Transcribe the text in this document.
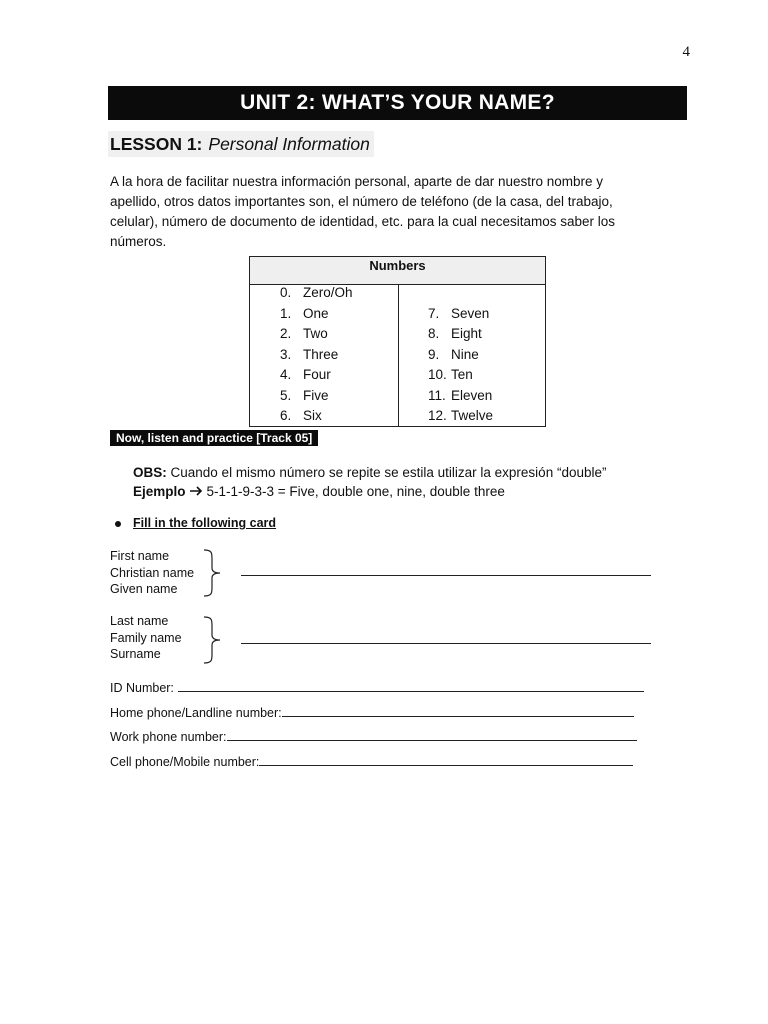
4
UNIT 2: WHAT’S YOUR NAME?
LESSON 1: Personal Information
A la hora de facilitar nuestra información personal, aparte de dar nuestro nombre y
apellido, otros datos importantes son, el número de teléfono (de la casa, del trabajo,
celular), número de documento de identidad, etc. para la cual necesitamos saber los
números.
Numbers
0. Zero/Oh
1. One
2. Two
3. Three
4. Four
5. Five
6. Six
7. Seven
8. Eight
9. Nine
10. Ten
11. Eleven
12. Twelve
Now, listen and practice [Track 05]
OBS: Cuando el mismo número se repite se estila utilizar la expresión “double”
Ejemplo 5-1-1-9-3-3 = Five, double one, nine, double three
Fill in the following card
First name
Christian name
Given name
Last name
Family name
Surname
ID Number:
Home phone/Landline number:
Work phone number:
Cell phone/Mobile number:
